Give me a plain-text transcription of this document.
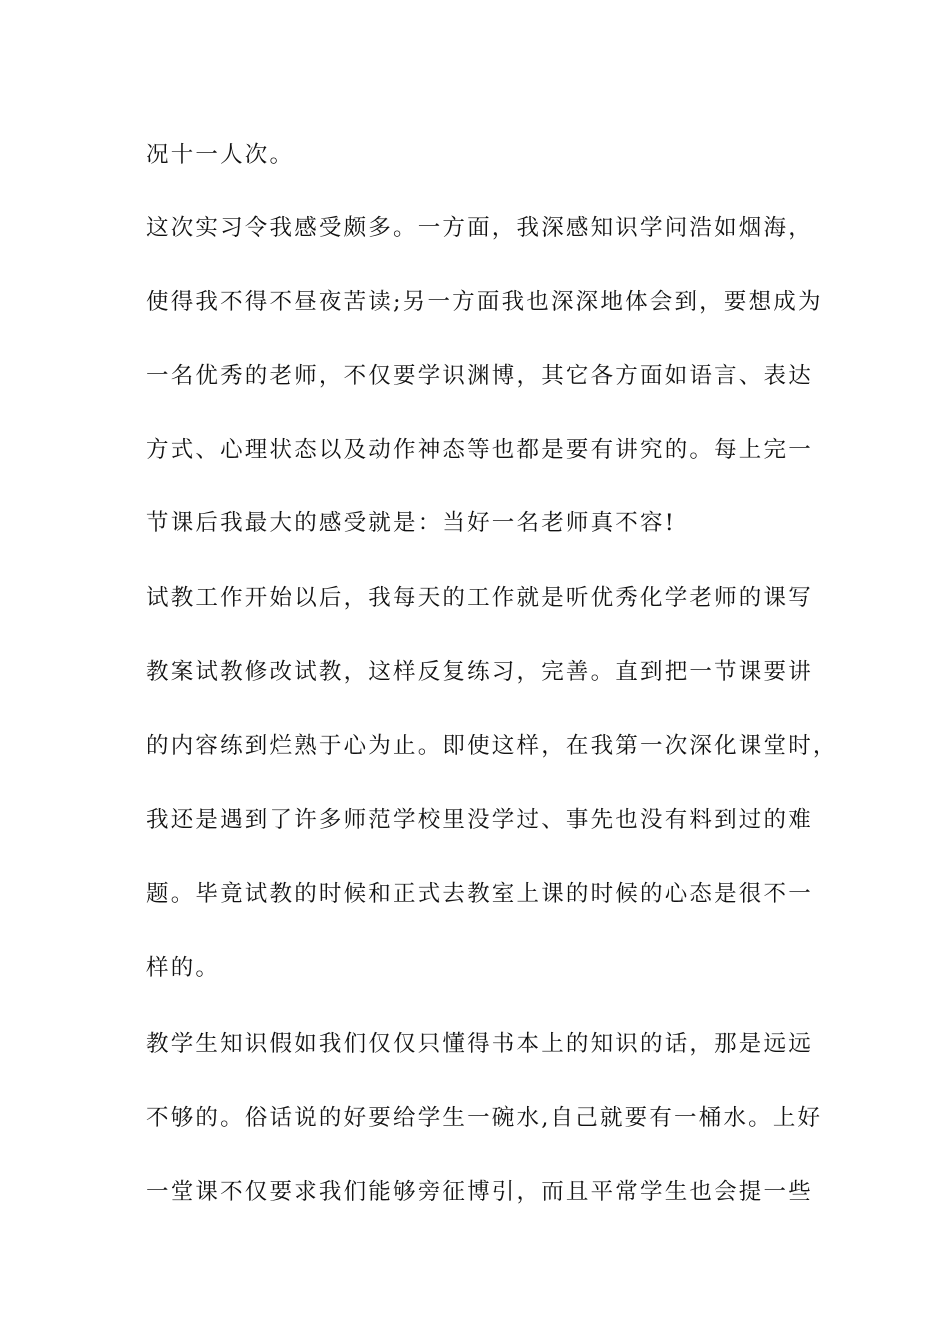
况十一人次。
这次实习令我感受颇多。一方面，我深感知识学问浩如烟海，
使得我不得不昼夜苦读;另一方面我也深深地体会到，要想成为
一名优秀的老师，不仅要学识渊博，其它各方面如语言、表达
方式、心理状态以及动作神态等也都是要有讲究的。每上完一
节课后我最大的感受就是：当好一名老师真不容!
试教工作开始以后，我每天的工作就是听优秀化学老师的课写
教案试教修改试教，这样反复练习，完善。直到把一节课要讲
的内容练到烂熟于心为止。即使这样，在我第一次深化课堂时，
我还是遇到了许多师范学校里没学过、事先也没有料到过的难
题。毕竟试教的时候和正式去教室上课的时候的心态是很不一
样的。
教学生知识假如我们仅仅只懂得书本上的知识的话，那是远远
不够的。俗话说的好要给学生一碗水,自己就要有一桶水。上好
一堂课不仅要求我们能够旁征博引，而且平常学生也会提一些
